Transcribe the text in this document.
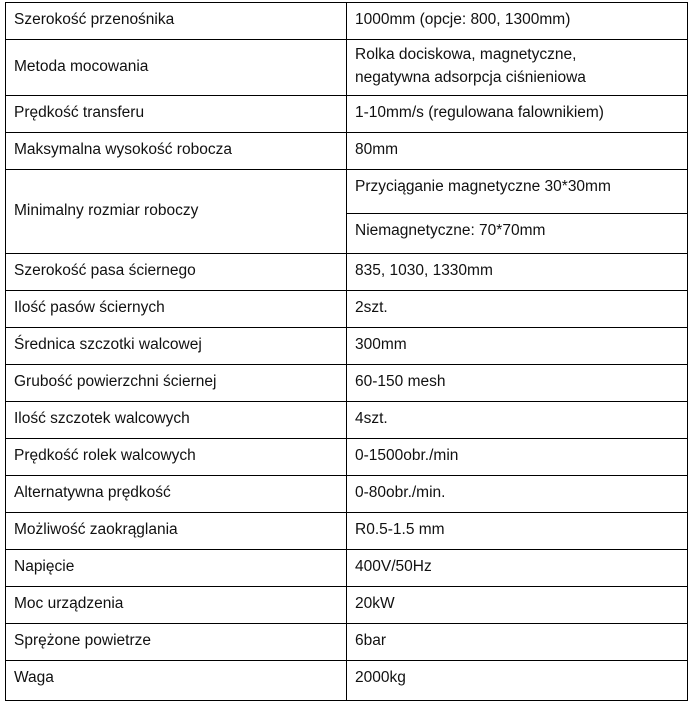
Szerokość przenośnika	1000mm (opcje: 800, 1300mm)

Metoda mocowania	Rolka dociskowa, magnetyczne,
negatywna adsorpcja ciśnieniowa

Prędkość transferu	1-10mm/s (regulowana falownikiem)

Maksymalna wysokość robocza	80mm

Minimalny rozmiar roboczy	Przyciąganie magnetyczne 30*30mm

	Niemagnetyczne: 70*70mm

Szerokość pasa ściernego	835, 1030, 1330mm

Ilość pasów ściernych	2szt.

Średnica szczotki walcowej	300mm

Grubość powierzchni ściernej	60-150 mesh

Ilość szczotek walcowych	4szt.

Prędkość rolek walcowych	0-1500obr./min

Alternatywna prędkość	0-80obr./min.

Możliwość zaokrąglania	R0.5-1.5 mm

Napięcie	400V/50Hz

Moc urządzenia	20kW

Sprężone powietrze	6bar

Waga	2000kg
